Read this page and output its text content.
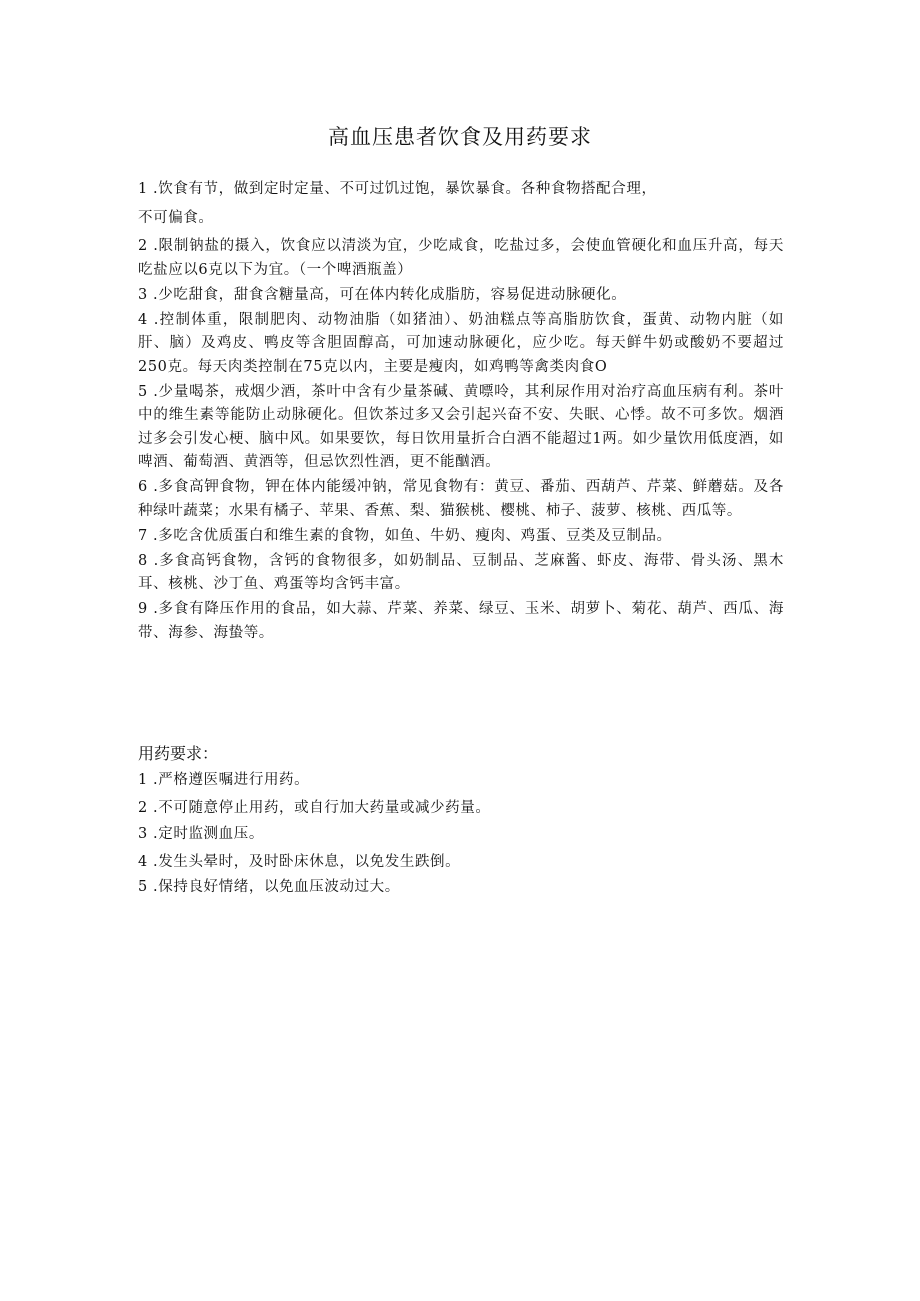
高血压患者饮食及用药要求
1 .饮食有节，做到定时定量、不可过饥过饱，暴饮暴食。各种食物搭配合理，
不可偏食。
2 .限制钠盐的摄入，饮食应以清淡为宜，少吃咸食，吃盐过多，会使血管硬化和血压升高，每天吃盐应以6克以下为宜。（一个啤酒瓶盖）
3 .少吃甜食，甜食含糖量高，可在体内转化成脂肪，容易促进动脉硬化。
4 .控制体重，限制肥肉、动物油脂（如猪油）、奶油糕点等高脂肪饮食，蛋黄、动物内脏（如肝、脑）及鸡皮、鸭皮等含胆固醇高，可加速动脉硬化，应少吃。每天鲜牛奶或酸奶不要超过250克。每天肉类控制在75克以内，主要是瘦肉，如鸡鸭等禽类肉食O
5 .少量喝茶，戒烟少酒，茶叶中含有少量茶碱、黄嘌呤，其利尿作用对治疗高血压病有利。茶叶中的维生素等能防止动脉硬化。但饮茶过多又会引起兴奋不安、失眠、心悸。故不可多饮。烟酒过多会引发心梗、脑中风。如果要饮，每日饮用量折合白酒不能超过1两。如少量饮用低度酒，如啤酒、葡萄酒、黄酒等，但忌饮烈性酒，更不能酗酒。
6 .多食高钾食物，钾在体内能缓冲钠，常见食物有：黄豆、番茄、西葫芦、芹菜、鲜蘑菇。及各种绿叶蔬菜；水果有橘子、苹果、香蕉、梨、猫猴桃、樱桃、柿子、菠萝、核桃、西瓜等。
7 .多吃含优质蛋白和维生素的食物，如鱼、牛奶、瘦肉、鸡蛋、豆类及豆制品。
8 .多食高钙食物，含钙的食物很多，如奶制品、豆制品、芝麻酱、虾皮、海带、骨头汤、黑木耳、核桃、沙丁鱼、鸡蛋等均含钙丰富。
9 .多食有降压作用的食品，如大蒜、芹菜、养菜、绿豆、玉米、胡萝卜、菊花、葫芦、西瓜、海带、海参、海蛰等。
用药要求：
1 .严格遵医嘱进行用药。
2 .不可随意停止用药，或自行加大药量或减少药量。
3 .定时监测血压。
4 .发生头晕时，及时卧床休息，以免发生跌倒。
5 .保持良好情绪，以免血压波动过大。
